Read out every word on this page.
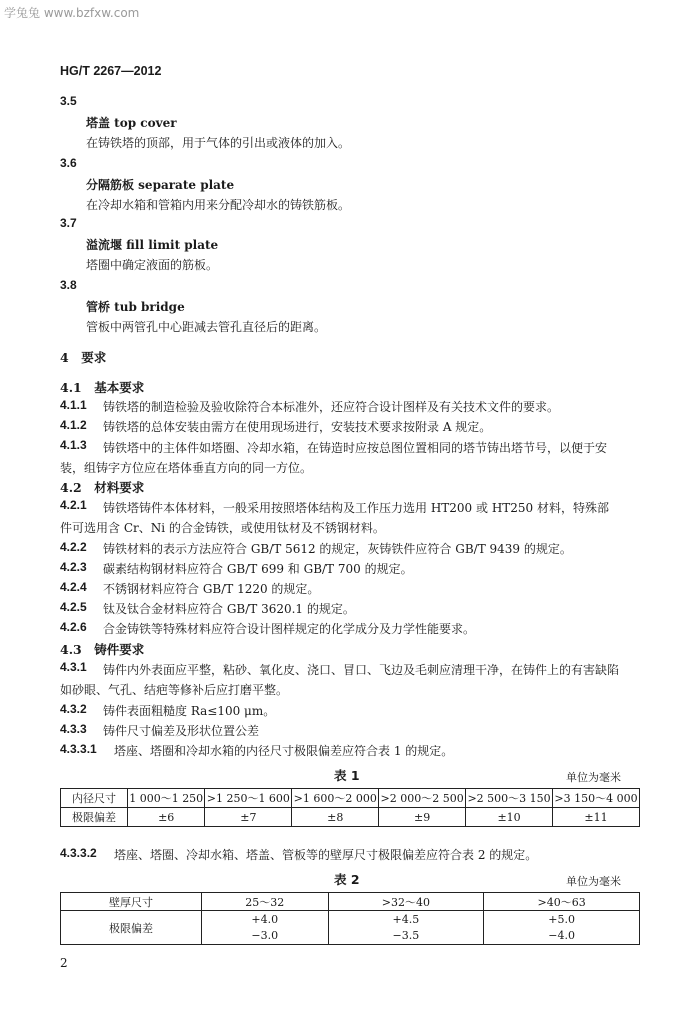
学兔兔 www.bzfxw.com
HG/T 2267—2012
3.5
塔盖 top cover
在铸铁塔的顶部，用于气体的引出或液体的加入。
3.6
分隔筋板 separate plate
在冷却水箱和管箱内用来分配冷却水的铸铁筋板。
3.7
溢流堰 fill limit plate
塔圈中确定液面的筋板。
3.8
管桥 tub bridge
管板中两管孔中心距减去管孔直径后的距离。
4　要求
4.1　基本要求
4.1.1 铸铁塔的制造检验及验收除符合本标准外，还应符合设计图样及有关技术文件的要求。
4.1.2 铸铁塔的总体安装由需方在使用现场进行，安装技术要求按附录 A 规定。
4.1.3	铸铁塔中的主体件如塔圈、冷却水箱，在铸造时应按总图位置相同的塔节铸出塔节号，以便于安装，组铸字方位应在塔体垂直方向的同一方位。
4.2　材料要求
4.2.1	铸铁塔铸件本体材料，一般采用按照塔体结构及工作压力选用 HT200 或 HT250 材料，特殊部件可选用含 Cr、Ni 的合金铸铁，或使用钛材及不锈钢材料。
4.2.2 铸铁材料的表示方法应符合 GB/T 5612 的规定，灰铸铁件应符合 GB/T 9439 的规定。
4.2.3 碳素结构钢材料应符合 GB/T 699 和 GB/T 700 的规定。
4.2.4 不锈钢材料应符合 GB/T 1220 的规定。
4.2.5 钛及钛合金材料应符合 GB/T 3620.1 的规定。
4.2.6 合金铸铁等特殊材料应符合设计图样规定的化学成分及力学性能要求。
4.3　铸件要求
4.3.1	铸件内外表面应平整，粘砂、氧化皮、浇口、冒口、飞边及毛刺应清理干净，在铸件上的有害缺陷如砂眼、气孔、结疤等修补后应打磨平整。
4.3.2 铸件表面粗糙度 Ra≤100 μm。
4.3.3 铸件尺寸偏差及形状位置公差
4.3.3.1 塔座、塔圈和冷却水箱的内径尺寸极限偏差应符合表 1 的规定。
表 1	单位为毫米
内径尺寸	1 000～1 250	>1 250～1 600	>1 600～2 000	>2 000～2 500	>2 500～3 150	>3 150～4 000
极限偏差	±6	±7	±8	±9	±10	±11
4.3.3.2 塔座、塔圈、冷却水箱、塔盖、管板等的壁厚尺寸极限偏差应符合表 2 的规定。
表 2	单位为毫米
壁厚尺寸	25～32	>32～40	>40～63
极限偏差	+4.0	+4.5	+5.0
	−3.0	−3.5	−4.0
2
